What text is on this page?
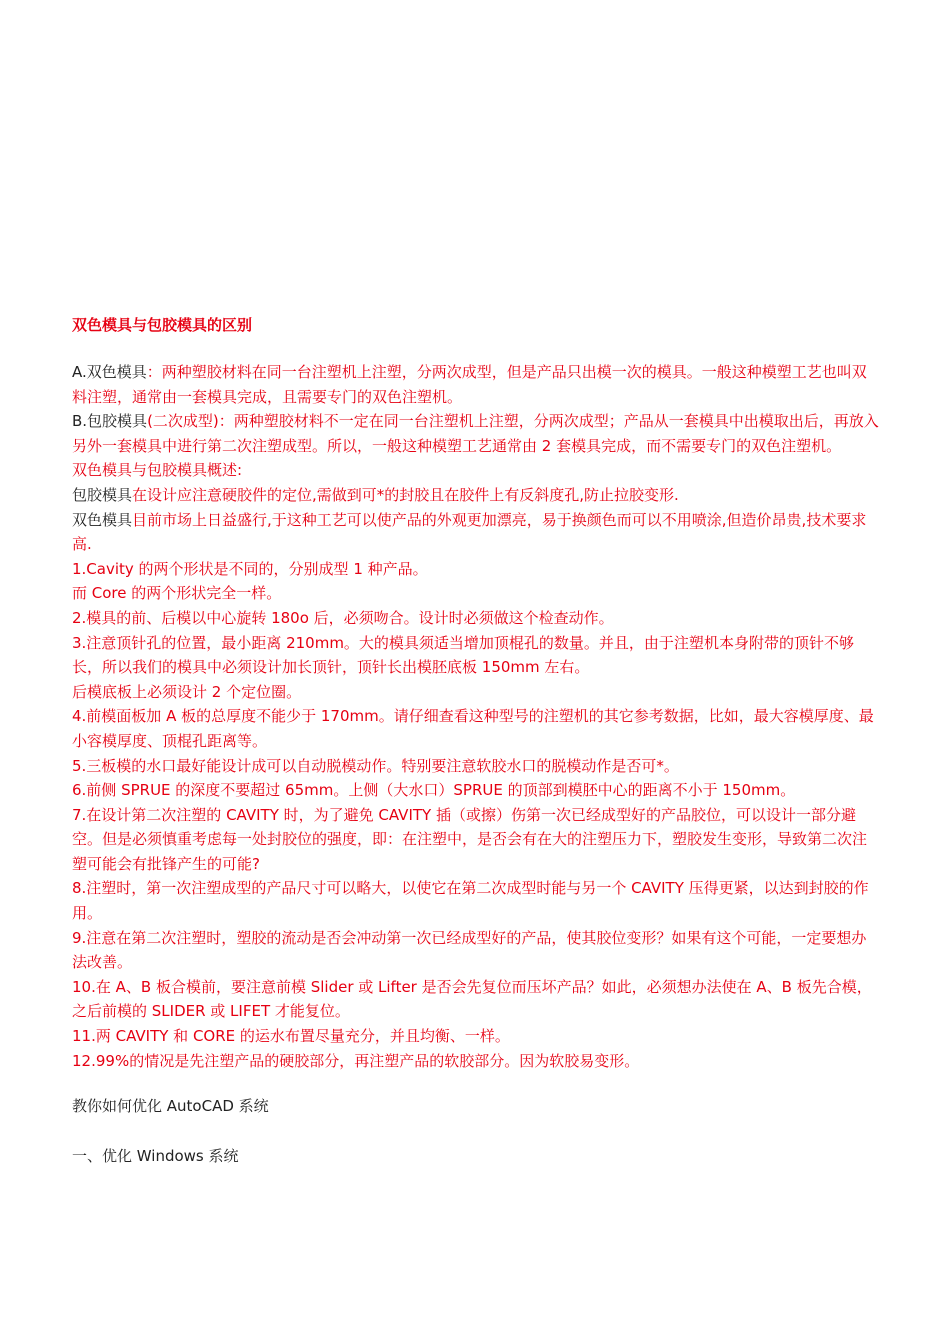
双色模具与包胶模具的区别

A.双色模具：两种塑胶材料在同一台注塑机上注塑，分两次成型，但是产品只出模一次的模具。一般这种模塑工艺也叫双料注塑，通常由一套模具完成，且需要专门的双色注塑机。

B.包胶模具(二次成型)：两种塑胶材料不一定在同一台注塑机上注塑，分两次成型；产品从一套模具中出模取出后，再放入另外一套模具中进行第二次注塑成型。所以，一般这种模塑工艺通常由 2 套模具完成，而不需要专门的双色注塑机。

双色模具与包胶模具概述:

包胶模具在设计应注意硬胶件的定位,需做到可*的封胶且在胶件上有反斜度孔,防止拉胶变形.

双色模具目前市场上日益盛行,于这种工艺可以使产品的外观更加漂亮，易于换颜色而可以不用喷涂,但造价昂贵,技术要求高.

1.Cavity 的两个形状是不同的，分别成型 1 种产品。

而 Core 的两个形状完全一样。

2.模具的前、后模以中心旋转 180o 后，必须吻合。设计时必须做这个检查动作。

3.注意顶针孔的位置，最小距离 210mm。大的模具须适当增加顶棍孔的数量。并且，由于注塑机本身附带的顶针不够长，所以我们的模具中必须设计加长顶针，顶针长出模胚底板 150mm 左右。

后模底板上必须设计 2 个定位圈。

4.前模面板加 A 板的总厚度不能少于 170mm。请仔细查看这种型号的注塑机的其它参考数据，比如，最大容模厚度、最小容模厚度、顶棍孔距离等。

5.三板模的水口最好能设计成可以自动脱模动作。特别要注意软胶水口的脱模动作是否可*。

6.前侧 SPRUE 的深度不要超过 65mm。上侧（大水口）SPRUE 的顶部到模胚中心的距离不小于 150mm。

7.在设计第二次注塑的 CAVITY 时，为了避免 CAVITY 插（或擦）伤第一次已经成型好的产品胶位，可以设计一部分避空。但是必须慎重考虑每一处封胶位的强度，即：在注塑中，是否会有在大的注塑压力下，塑胶发生变形，导致第二次注塑可能会有批锋产生的可能?

8.注塑时，第一次注塑成型的产品尺寸可以略大，以使它在第二次成型时能与另一个 CAVITY 压得更紧，以达到封胶的作用。

9.注意在第二次注塑时，塑胶的流动是否会冲动第一次已经成型好的产品，使其胶位变形？如果有这个可能，一定要想办法改善。

10.在 A、B 板合模前，要注意前模 Slider 或 Lifter 是否会先复位而压坏产品？如此，必须想办法使在 A、B 板先合模，之后前模的 SLIDER 或 LIFET 才能复位。

11.两 CAVITY 和 CORE 的运水布置尽量充分，并且均衡、一样。

12.99%的情况是先注塑产品的硬胶部分，再注塑产品的软胶部分。因为软胶易变形。

教你如何优化 AutoCAD 系统

一、优化 Windows 系统
